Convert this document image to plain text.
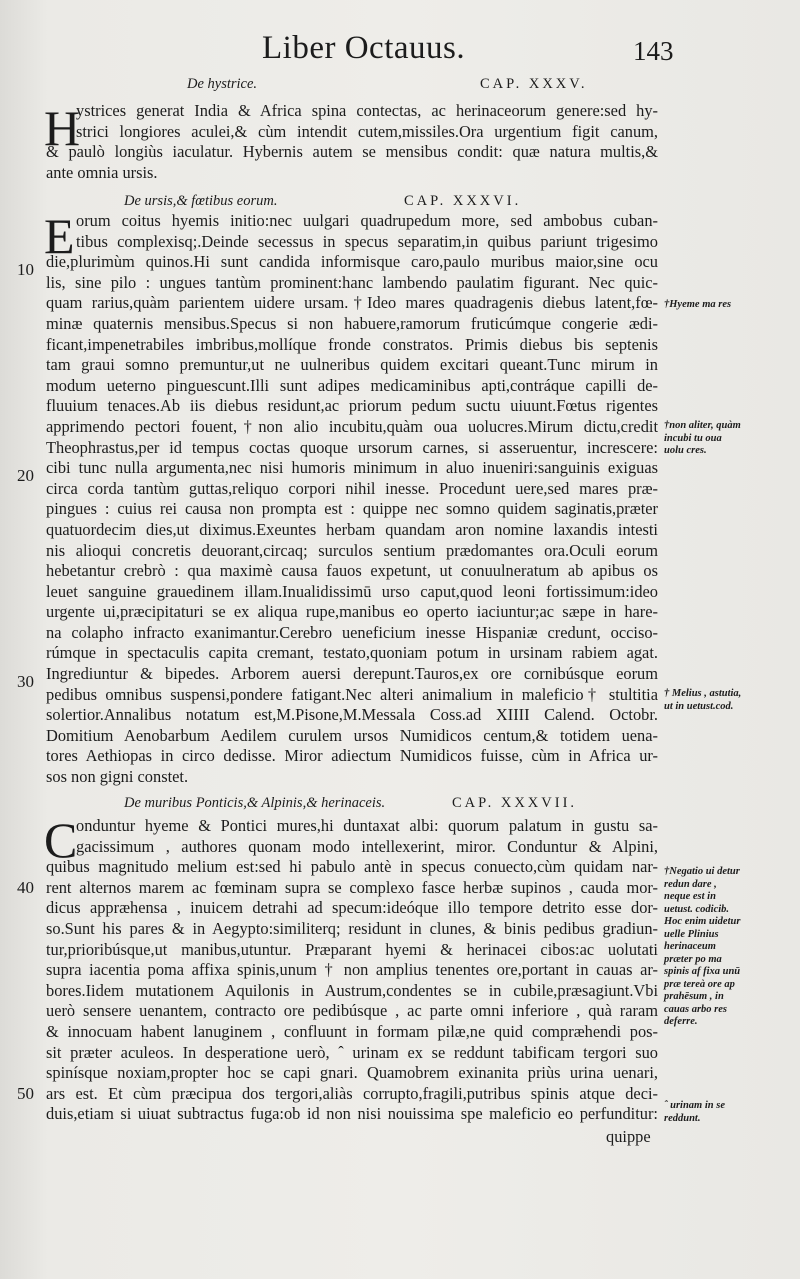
Liber Octauus.	143
De hystrice.	CAP. XXXV.
H
ystrices generat India & Africa spina contectas, ac herinaceorum genere:sed hy-
strici longiores aculei,& cùm intendit cutem,missiles.Ora urgentium figit canum,
& paulò longiùs iaculatur. Hybernis autem se mensibus condit: quæ natura multis,&
ante omnia ursis.
De ursis,& fœtibus eorum.	CAP. XXXVI.
E orum coitus hyemis initio:nec uulgari quadrupedum more, sed ambobus cuban-
tibus complexisq;.Deinde secessus in specus separatim,in quibus pariunt trigesimo
die,plurimùm quinos.Hi sunt candida informisque caro,paulo muribus maior,sine ocu
lis, sine pilo : ungues tantùm prominent:hanc lambendo paulatim figurant. Nec quic-
quam rarius,quàm parientem uidere ursam.†Ideo mares quadragenis diebus latent,fœ-
minæ quaternis mensibus.Specus si non habuere,ramorum fruticúmque congerie ædi-
ficant,impenetrabiles imbribus,mollíque fronde constratos. Primis diebus bis septenis
tam graui somno premuntur,ut ne uulneribus quidem excitari queant.Tunc mirum in
modum ueterno pinguescunt.Illi sunt adipes medicaminibus apti,contráque capilli de-
fluuium tenaces.Ab iis diebus residunt,ac priorum pedum suctu uiuunt.Fœtus rigentes
apprimendo pectori fouent,†non alio incubitu,quàm oua uolucres.Mirum dictu,credit
Theophrastus,per id tempus coctas quoque ursorum carnes, si asseruentur, increscere:
cibi tunc nulla argumenta,nec nisi humoris minimum in aluo inueniri:sanguinis exiguas
circa corda tantùm guttas,reliquo corpori nihil inesse. Procedunt uere,sed mares præ-
pingues : cuius rei causa non prompta est : quippe nec somno quidem saginatis,præter
quatuordecim dies,ut diximus.Exeuntes herbam quandam aron nomine laxandis intesti
nis alioqui concretis deuorant,circaq; surculos sentium prædomantes ora.Oculi eorum
hebetantur crebrò : qua maximè causa fauos expetunt, ut conuulneratum ab apibus os
leuet sanguine grauedinem illam.Inualidissimū urso caput,quod leoni fortissimum:ideo
urgente ui,præcipitaturi se ex aliqua rupe,manibus eo operto iaciuntur;ac sæpe in hare-
na colapho infracto exanimantur.Cerebro ueneficium inesse Hispaniæ credunt, occiso-
rúmque in spectaculis capita cremant, testato,quoniam potum in ursinam rabiem agat.
Ingrediuntur & bipedes. Arborem auersi derepunt.Tauros,ex ore cornibúsque eorum
pedibus omnibus suspensi,pondere fatigant.Nec alteri animalium in maleficio† stultitia
solertior.Annalibus notatum est,M.Pisone,M.Messala Coss.ad XIIII Calend. Octobr.
Domitium Aenobarbum Aedilem curulem ursos Numidicos centum,& totidem uena-
tores Aethiopas in circo dedisse. Miror adiectum Numidicos fuisse, cùm in Africa ur-
sos non gigni constet.
De muribus Ponticis,& Alpinis,& herinaceis.	CAP. XXXVII.
C
onduntur hyeme & Pontici mures,hi duntaxat albi: quorum palatum in gustu sa-
gacissimum , authores quonam modo intellexerint, miror. Conduntur & Alpini,
quibus magnitudo melium est:sed hi pabulo antè in specus conuecto,cùm quidam nar-
rent alternos marem ac fœminam supra se complexo fasce herbæ supinos , cauda mor-
dicus appræhensa , inuicem detrahi ad specum:ideóque illo tempore detrito esse dor-
so.Sunt his pares & in Aegypto:similiterq; residunt in clunes, & binis pedibus gradiun-
tur,prioribúsque,ut manibus,utuntur. Præparant hyemi & herinacei cibos:ac uolutati
supra iacentia poma affixa spinis,unum † non amplius tenentes ore,portant in cauas ar-
bores.Iidem mutationem Aquilonis in Austrum,condentes se in cubile,præsagiunt.Vbi
uerò sensere uenantem, contracto ore pedibúsque , ac parte omni inferiore , quà raram
& innocuam habent lanuginem , confluunt in formam pilæ,ne quid compræhendi pos-
sit præter aculeos. In desperatione uerò, ˆ urinam ex se reddunt tabificam tergori suo
spinísque noxiam,propter hoc se capi gnari. Quamobrem exinanita priùs urina uenari,
ars est. Et cùm præcipua dos tergori,aliàs corrupto,fragili,putribus spinis atque deci-
duis,etiam si uiuat subtractus fuga:ob id non nisi nouissima spe maleficio eo perfunditur:
quippe
10
20
30
40
50
†Hyeme ma res
†non aliter, quàm incubi tu oua uolu cres.
† Melius , astutia, ut in uetust.cod.
†Negatio ui detur redun dare , neque est in uetust. codicib. Hoc enim uidetur uelle Plinius herinaceum præter po ma spinis af fixa unū præ tereà ore ap prahēsum , in cauas arbo res deferre.
ˆ urinam in se reddunt.
